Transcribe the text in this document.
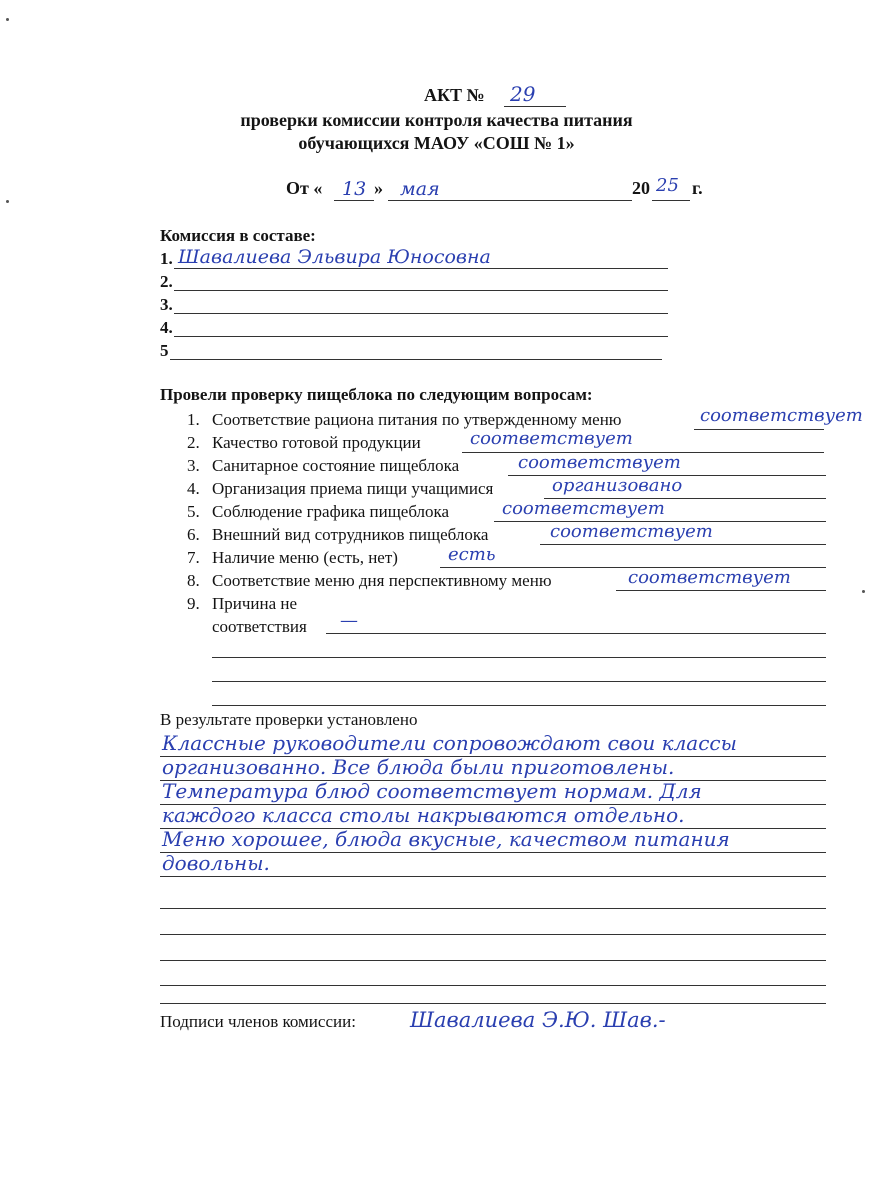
АКТ № 29
проверки комиссии контроля качества питания
обучающихся МАОУ «СОШ № 1»
От « 13 » мая	20 25 г.
Комиссия в составе:
1. Шавалиева Эльвира Юносовна
2.
3.
4.
5
Провели проверку пищеблока по следующим вопросам:
1. Соответствие рациона питания по утвержденному меню	соответствует
2. Качество готовой продукции	соответствует
3. Санитарное состояние пищеблока	соответствует
4. Организация приема пищи учащимися	организовано
5. Соблюдение графика пищеблока	соответствует
6. Внешний вид сотрудников пищеблока	соответствует
7. Наличие меню (есть, нет)	есть
8. Соответствие меню дня перспективному меню	соответствует
9. Причина не
соответствия —
В результате проверки установлено
Классные руководители сопровождают свои классы
организованно. Все блюда были приготовлены.
Температура блюд соответствует нормам. Для
каждого класса столы накрываются отдельно.
Меню хорошее, блюда вкусные, качеством питания
довольны.
Подписи членов комиссии:	Шавалиева Э.Ю. Шав.-
